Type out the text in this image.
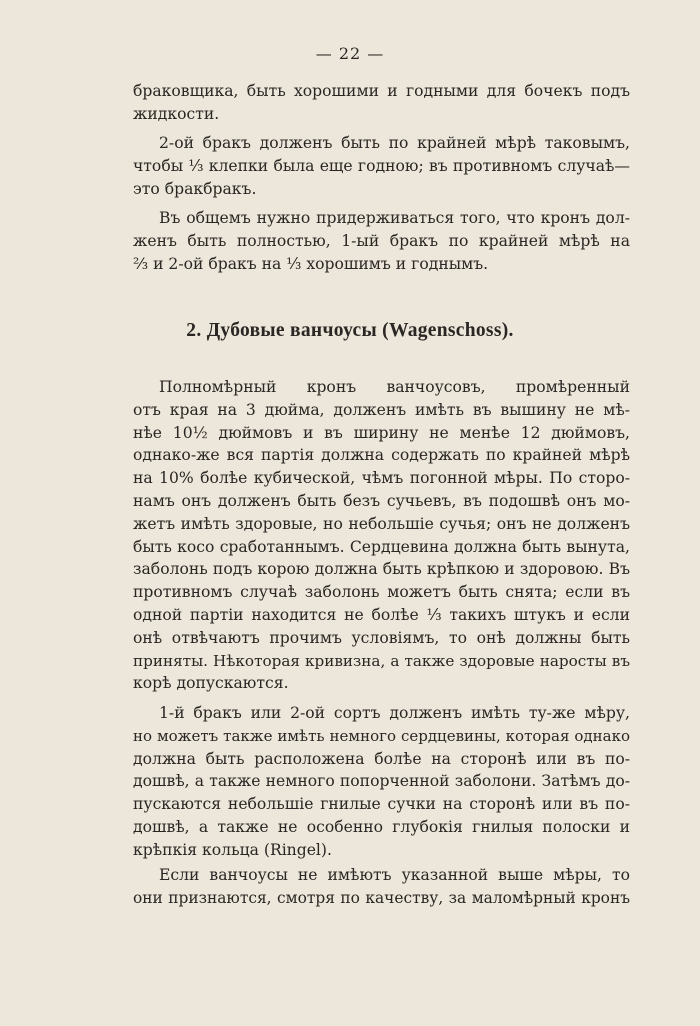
— 22 —
браковщика, быть хорошими и годными для бочекъ подъ
жидкости.
2-ой бракъ долженъ быть по крайней мѣрѣ таковымъ,
чтобы ⅓ клепки была еще годною; въ противномъ случаѣ—
это бракбракъ.
Въ общемъ нужно придерживаться того, что кронъ дол-
женъ быть полностью, 1-ый бракъ по крайней мѣрѣ на
⅔ и 2-ой бракъ на ⅓ хорошимъ и годнымъ.
2. Дубовые ванчоусы (Wagenschoss).
Полномѣрный кронъ ванчоусовъ, промѣренный
отъ края на 3 дюйма, долженъ имѣть въ вышину не мѣ-
нѣе 10½ дюймовъ и въ ширину не менѣе 12 дюймовъ,
однако-же вся партія должна содержать по крайней мѣрѣ
на 10% болѣе кубической, чѣмъ погонной мѣры. По сторо-
намъ онъ долженъ быть безъ сучьевъ, въ подошвѣ онъ мо-
жетъ имѣть здоровые, но небольшіе сучья; онъ не долженъ
быть косо сработаннымъ. Сердцевина должна быть вынута,
заболонь подъ корою должна быть крѣпкою и здоровою. Въ
противномъ случаѣ заболонь можетъ быть снята; если въ
одной партіи находится не болѣе ⅓ такихъ штукъ и если
онѣ отвѣчаютъ прочимъ условіямъ, то онѣ должны быть
приняты. Нѣкоторая кривизна, а также здоровые наросты въ
корѣ допускаются.
1-й бракъ или 2-ой сортъ долженъ имѣть ту-же мѣру,
но можетъ также имѣть немного сердцевины, которая однако
должна быть расположена болѣе на сторонѣ или въ по-
дошвѣ, а также немного попорченной заболони. Затѣмъ до-
пускаются небольшіе гнилые сучки на сторонѣ или въ по-
дошвѣ, а также не особенно глубокія гнилыя полоски и
крѣпкія кольца (Ringel).
Если ванчоусы не имѣютъ указанной выше мѣры, то
они признаются, смотря по качеству, за маломѣрный кронъ
